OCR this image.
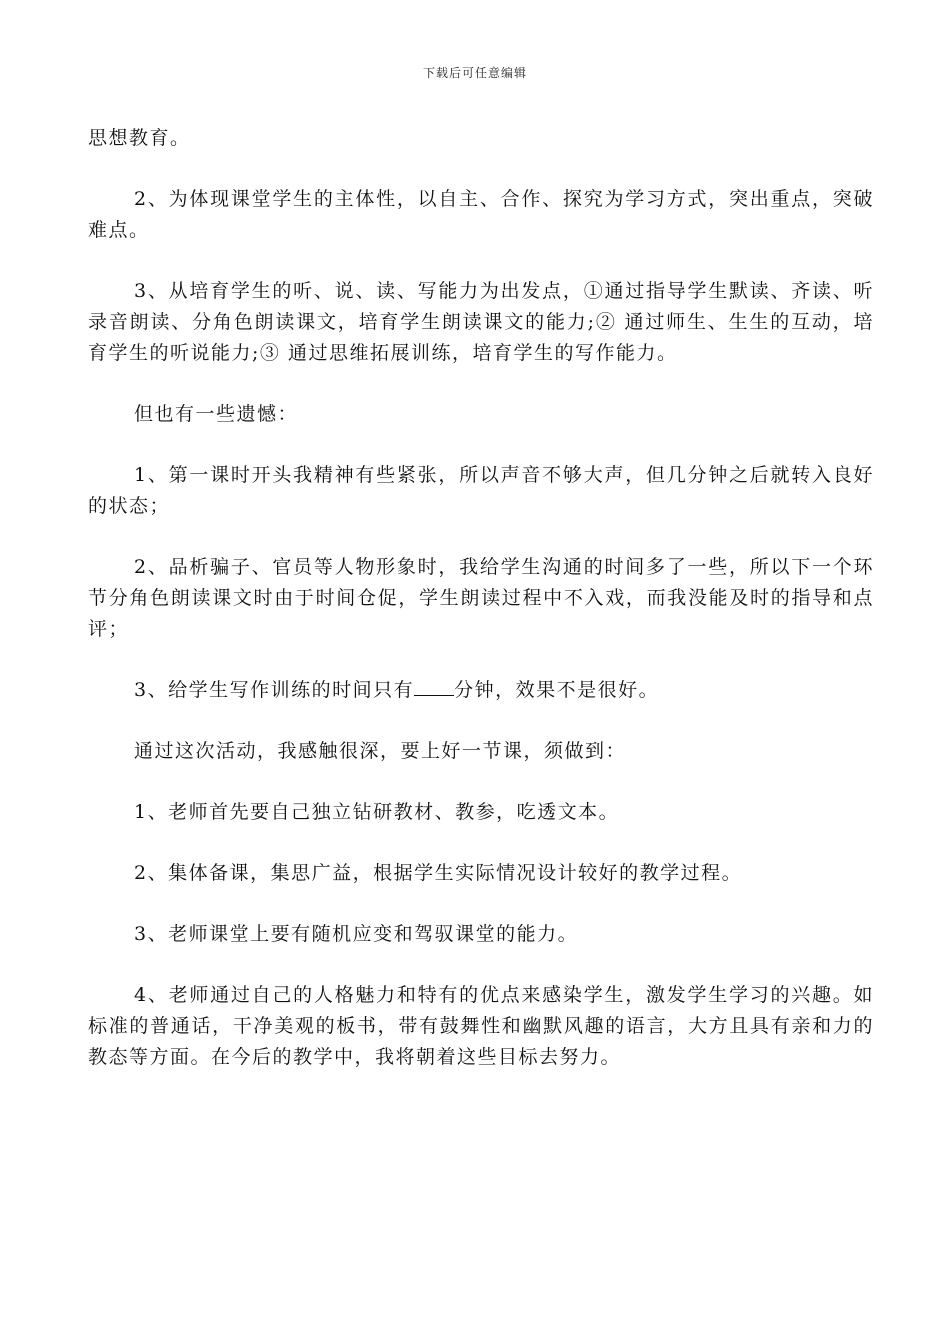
下载后可任意编辑

思想教育。

2、为体现课堂学生的主体性，以自主、合作、探究为学习方式，突出重点，突破难点。

3、从培育学生的听、说、读、写能力为出发点，①通过指导学生默读、齐读、听录音朗读、分角色朗读课文，培育学生朗读课文的能力;② 通过师生、生生的互动，培育学生的听说能力;③ 通过思维拓展训练，培育学生的写作能力。

但也有一些遗憾：

1、第一课时开头我精神有些紧张，所以声音不够大声，但几分钟之后就转入良好的状态；

2、品析骗子、官员等人物形象时，我给学生沟通的时间多了一些，所以下一个环节分角色朗读课文时由于时间仓促，学生朗读过程中不入戏，而我没能及时的指导和点评；

3、给学生写作训练的时间只有 分钟，效果不是很好。

通过这次活动，我感触很深，要上好一节课，须做到：

1、老师首先要自己独立钻研教材、教参，吃透文本。

2、集体备课，集思广益，根据学生实际情况设计较好的教学过程。

3、老师课堂上要有随机应变和驾驭课堂的能力。

4、老师通过自己的人格魅力和特有的优点来感染学生，激发学生学习的兴趣。如标准的普通话，干净美观的板书，带有鼓舞性和幽默风趣的语言，大方且具有亲和力的教态等方面。在今后的教学中，我将朝着这些目标去努力。
